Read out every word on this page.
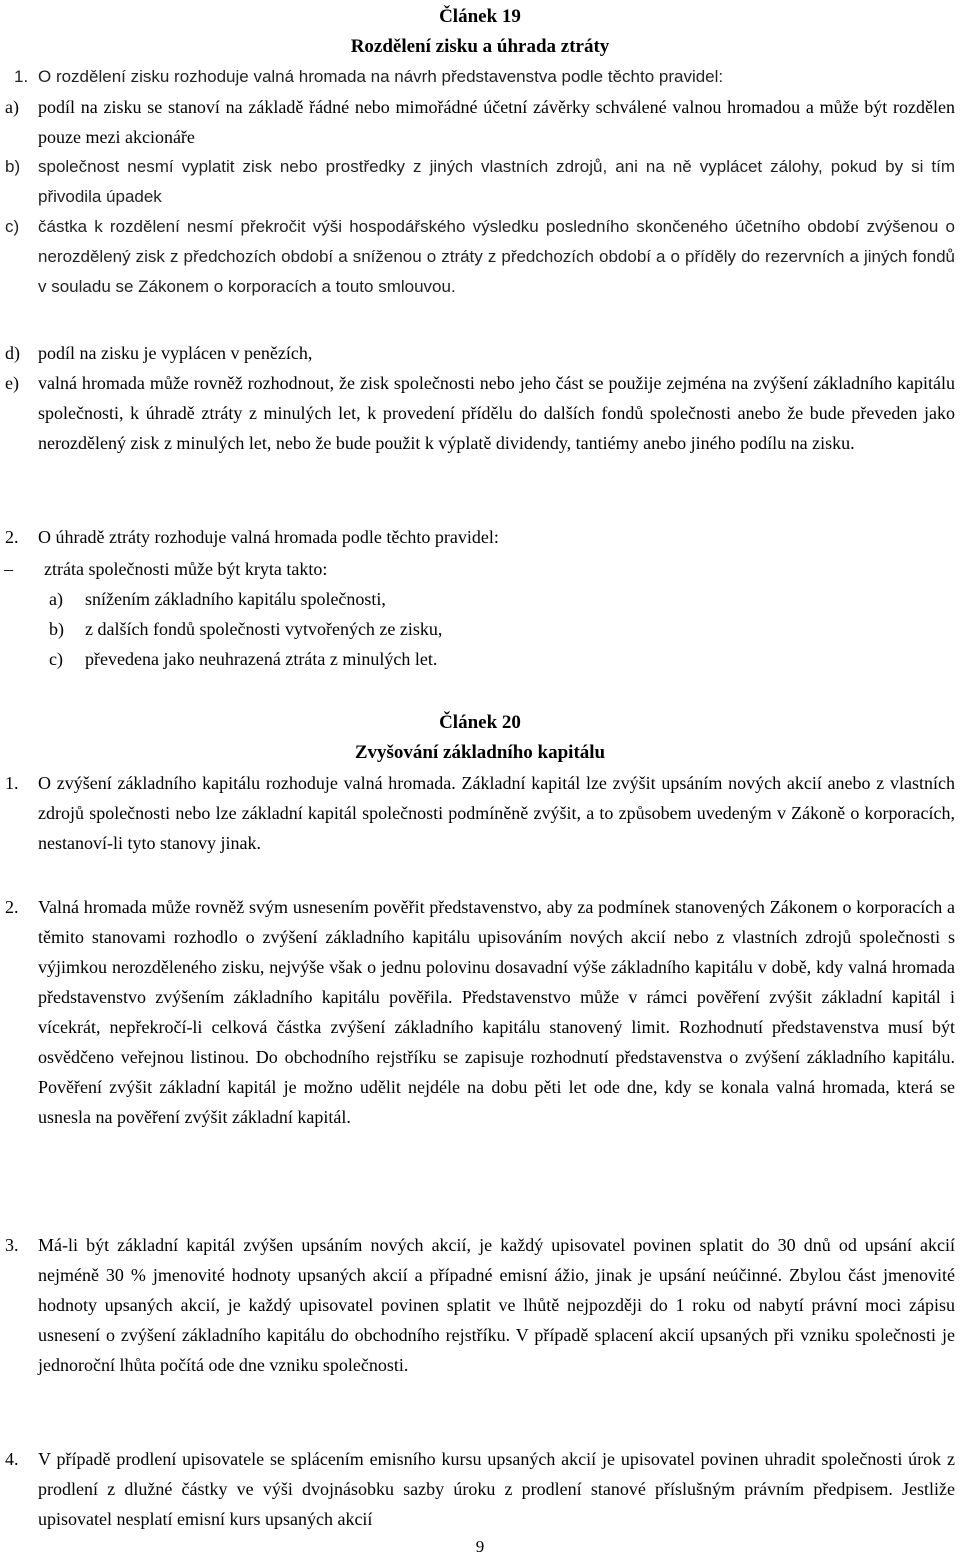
Článek 19
Rozdělení zisku a úhrada ztráty
1. O rozdělení zisku rozhoduje valná hromada na návrh představenstva podle těchto pravidel:
a) podíl na zisku se stanoví na základě řádné nebo mimořádné účetní závěrky schválené valnou hromadou a může být rozdělen pouze mezi akcionáře
b) společnost nesmí vyplatit zisk nebo prostředky z jiných vlastních zdrojů, ani na ně vyplácet zálohy, pokud by si tím přivodila úpadek
c) částka k rozdělení nesmí překročit výši hospodářského výsledku posledního skončeného účetního období zvýšenou o nerozdělený zisk z předchozích období a sníženou o ztráty z předchozích období a o příděly do rezervních a jiných fondů v souladu se Zákonem o korporacích a touto smlouvou.
d) podíl na zisku je vyplácen v penězích,
e) valná hromada může rovněž rozhodnout, že zisk společnosti nebo jeho část se použije zejména na zvýšení základního kapitálu společnosti, k úhradě ztráty z minulých let, k provedení přídělu do dalších fondů společnosti anebo že bude převeden jako nerozdělený zisk z minulých let, nebo že bude použit k výplatě dividendy, tantiémy anebo jiného podílu na zisku.
2. O úhradě ztráty rozhoduje valná hromada podle těchto pravidel:
– ztráta společnosti může být kryta takto:
a) snížením základního kapitálu společnosti,
b) z dalších fondů společnosti vytvořených ze zisku,
c) převedena jako neuhrazená ztráta z minulých let.
Článek 20
Zvyšování základního kapitálu
1. O zvýšení základního kapitálu rozhoduje valná hromada. Základní kapitál lze zvýšit upsáním nových akcií anebo z vlastních zdrojů společnosti nebo lze základní kapitál společnosti podmíněně zvýšit, a to způsobem uvedeným v Zákoně o korporacích, nestanoví-li tyto stanovy jinak.
2. Valná hromada může rovněž svým usnesením pověřit představenstvo, aby za podmínek stanovených Zákonem o korporacích a těmito stanovami rozhodlo o zvýšení základního kapitálu upisováním nových akcií nebo z vlastních zdrojů společnosti s výjimkou nerozděleného zisku, nejvýše však o jednu polovinu dosavadní výše základního kapitálu v době, kdy valná hromada představenstvo zvýšením základního kapitálu pověřila. Představenstvo může v rámci pověření zvýšit základní kapitál i vícekrát, nepřekročí-li celková částka zvýšení základního kapitálu stanovený limit. Rozhodnutí představenstva musí být osvědčeno veřejnou listinou. Do obchodního rejstříku se zapisuje rozhodnutí představenstva o zvýšení základního kapitálu. Pověření zvýšit základní kapitál je možno udělit nejdéle na dobu pěti let ode dne, kdy se konala valná hromada, která se usnesla na pověření zvýšit základní kapitál.
3. Má-li být základní kapitál zvýšen upsáním nových akcií, je každý upisovatel povinen splatit do 30 dnů od upsání akcií nejméně 30 % jmenovité hodnoty upsaných akcií a případné emisní ážio, jinak je upsání neúčinné. Zbylou část jmenovité hodnoty upsaných akcií, je každý upisovatel povinen splatit ve lhůtě nejpozději do 1 roku od nabytí právní moci zápisu usnesení o zvýšení základního kapitálu do obchodního rejstříku. V případě splacení akcií upsaných při vzniku společnosti je jednoroční lhůta počítá ode dne vzniku společnosti.
4. V případě prodlení upisovatele se splácením emisního kursu upsaných akcií je upisovatel povinen uhradit společnosti úrok z prodlení z dlužné částky ve výši dvojnásobku sazby úroku z prodlení stanové příslušným právním předpisem. Jestliže upisovatel nesplatí emisní kurs upsaných akcií
9
